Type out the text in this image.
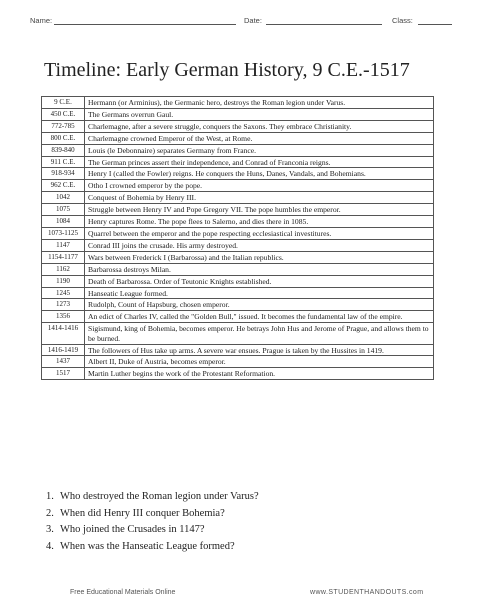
Name:	Date:	Class:
Timeline: Early German History, 9 C.E.-1517
9 C.E.	Hermann (or Arminius), the Germanic hero, destroys the Roman legion under Varus.
450 C.E.	The Germans overrun Gaul.
772-785	Charlemagne, after a severe struggle, conquers the Saxons. They embrace Christianity.
800 C.E.	Charlemagne crowned Emperor of the West, at Rome.
839-840	Louis (le Debonnaire) separates Germany from France.
911 C.E.	The German princes assert their independence, and Conrad of Franconia reigns.
918-934	Henry I (called the Fowler) reigns. He conquers the Huns, Danes, Vandals, and Bohemians.
962 C.E.	Otho I crowned emperor by the pope.
1042	Conquest of Bohemia by Henry III.
1075	Struggle between Henry IV and Pope Gregory VII. The pope humbles the emperor.
1084	Henry captures Rome. The pope flees to Salerno, and dies there in 1085.
1073-1125	Quarrel between the emperor and the pope respecting ecclesiastical investitures.
1147	Conrad III joins the crusade. His army destroyed.
1154-1177	Wars between Frederick I (Barbarossa) and the Italian republics.
1162	Barbarossa destroys Milan.
1190	Death of Barbarossa. Order of Teutonic Knights established.
1245	Hanseatic League formed.
1273	Rudolph, Count of Hapsburg, chosen emperor.
1356	An edict of Charles IV, called the "Golden Bull," issued. It becomes the fundamental law of the empire.
1414-1416	Sigismund, king of Bohemia, becomes emperor. He betrays John Hus and Jerome of Prague, and allows them to be burned.
1416-1419	The followers of Hus take up arms. A severe war ensues. Prague is taken by the Hussites in 1419.
1437	Albert II, Duke of Austria, becomes emperor.
1517	Martin Luther begins the work of the Protestant Reformation.
1. Who destroyed the Roman legion under Varus?
2. When did Henry III conquer Bohemia?
3. Who joined the Crusades in 1147?
4. When was the Hanseatic League formed?
Free Educational Materials Online	www.STUDENTHANDOUTS.com
